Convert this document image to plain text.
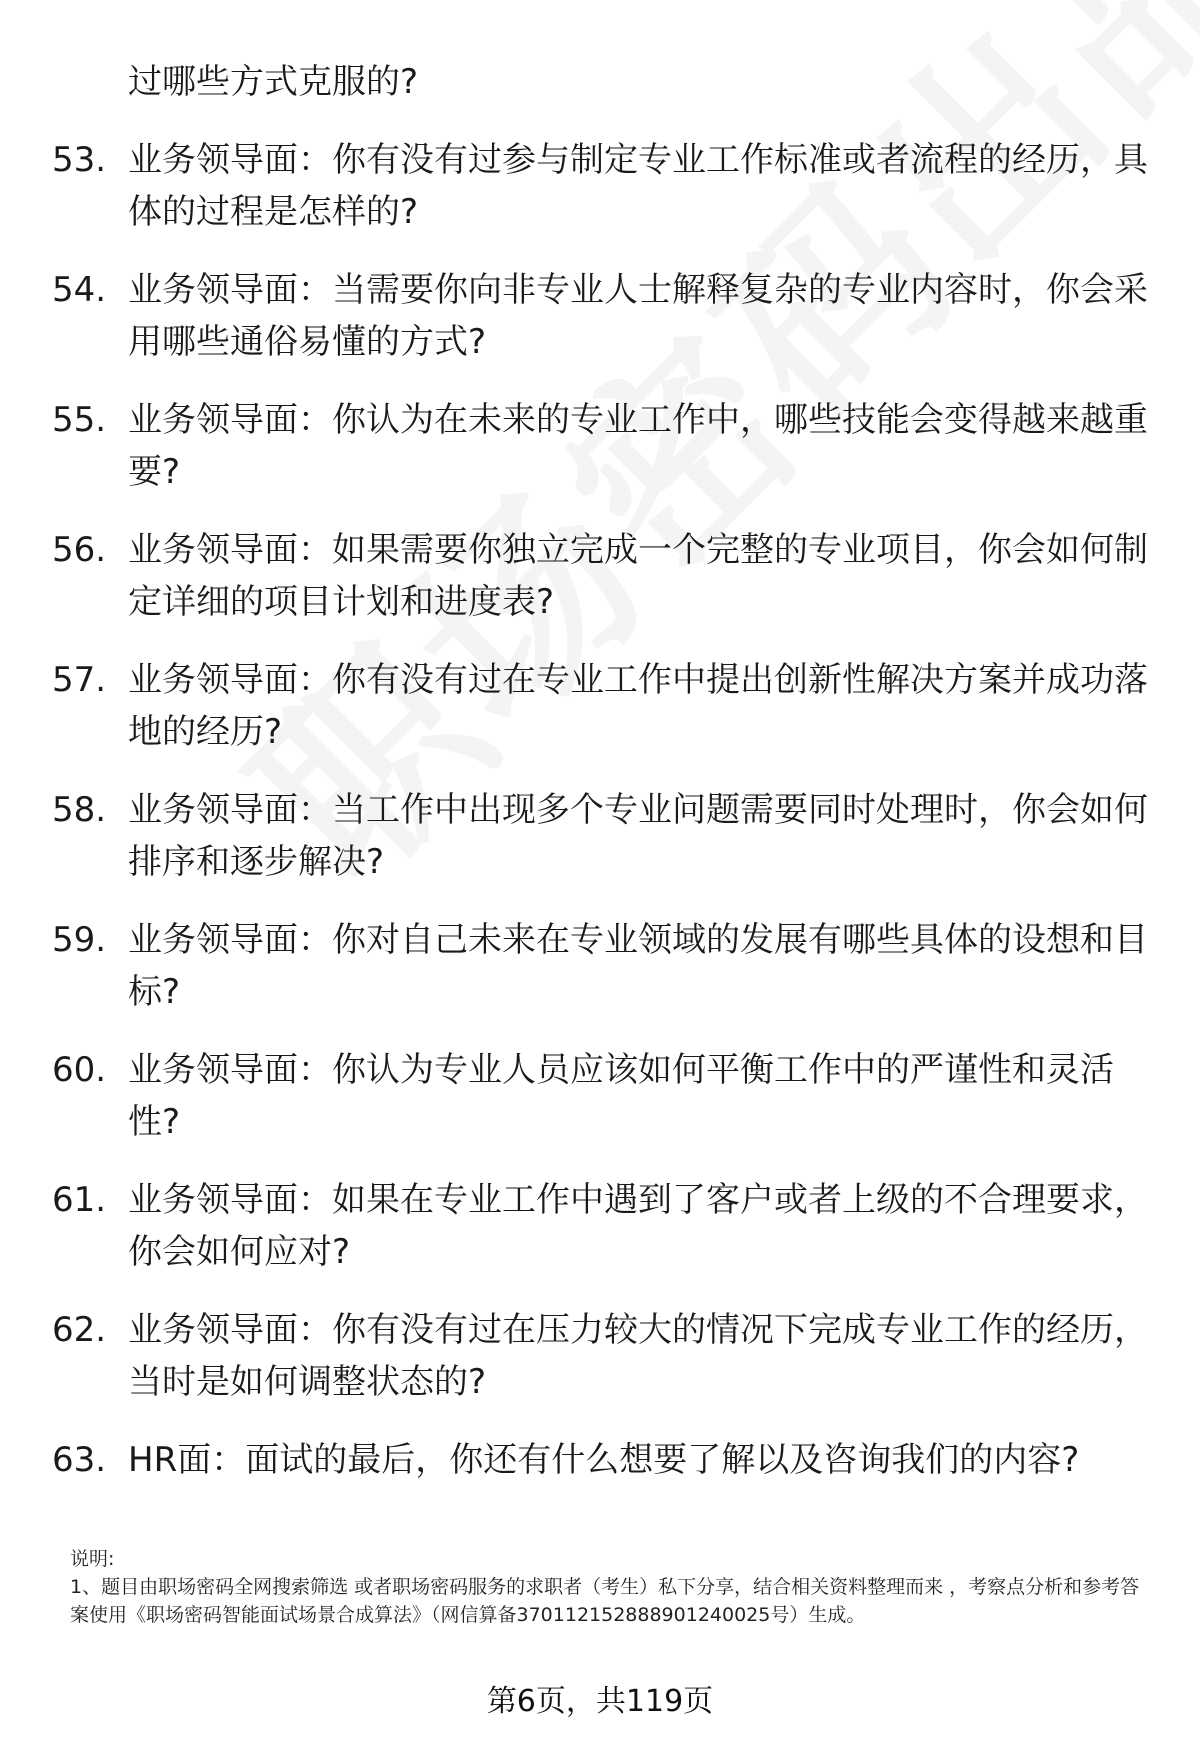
过哪些方式克服的?
53. 业务领导面：你有没有过参与制定专业工作标准或者流程的经历，具体的过程是怎样的?
54. 业务领导面：当需要你向非专业人士解释复杂的专业内容时，你会采用哪些通俗易懂的方式?
55. 业务领导面：你认为在未来的专业工作中，哪些技能会变得越来越重要?
56. 业务领导面：如果需要你独立完成一个完整的专业项目，你会如何制定详细的项目计划和进度表?
57. 业务领导面：你有没有过在专业工作中提出创新性解决方案并成功落地的经历?
58. 业务领导面：当工作中出现多个专业问题需要同时处理时，你会如何排序和逐步解决?
59. 业务领导面：你对自己未来在专业领域的发展有哪些具体的设想和目标?
60. 业务领导面：你认为专业人员应该如何平衡工作中的严谨性和灵活性?
61. 业务领导面：如果在专业工作中遇到了客户或者上级的不合理要求，你会如何应对?
62. 业务领导面：你有没有过在压力较大的情况下完成专业工作的经历，当时是如何调整状态的?
63. HR面：面试的最后，你还有什么想要了解以及咨询我们的内容?
说明:
1、题目由职场密码全网搜索筛选 或者职场密码服务的求职者（考生）私下分享，结合相关资料整理而来 ，考察点分析和参考答案使用《职场密码智能面试场景合成算法》（网信算备370112152888901240025号）生成。
第6页，共119页
